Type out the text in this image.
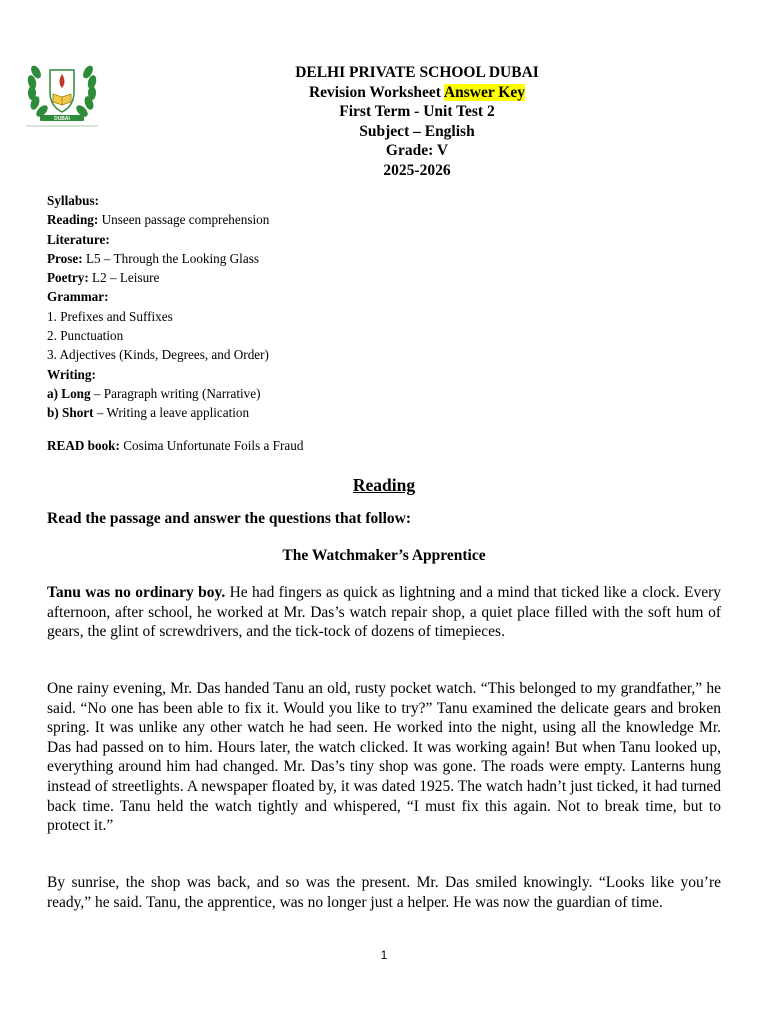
DUBAI
DELHI PRIVATE SCHOOL DUBAI
Revision Worksheet Answer Key
First Term - Unit Test 2
Subject – English
Grade: V
2025-2026
Syllabus:
Reading: Unseen passage comprehension
Literature:
Prose: L5 – Through the Looking Glass
Poetry: L2 – Leisure
Grammar:
1. Prefixes and Suffixes
2. Punctuation
3. Adjectives (Kinds, Degrees, and Order)
Writing:
a) Long – Paragraph writing (Narrative)
b) Short – Writing a leave application
READ book: Cosima Unfortunate Foils a Fraud
Reading
Read the passage and answer the questions that follow:
The Watchmaker’s Apprentice
Tanu was no ordinary boy. He had fingers as quick as lightning and a mind that ticked like a clock. Every afternoon, after school, he worked at Mr. Das’s watch repair shop, a quiet place filled with the soft hum of gears, the glint of screwdrivers, and the tick-tock of dozens of timepieces.
One rainy evening, Mr. Das handed Tanu an old, rusty pocket watch. “This belonged to my grandfather,” he said. “No one has been able to fix it. Would you like to try?” Tanu examined the delicate gears and broken spring. It was unlike any other watch he had seen. He worked into the night, using all the knowledge Mr. Das had passed on to him. Hours later, the watch clicked. It was working again! But when Tanu looked up, everything around him had changed. Mr. Das’s tiny shop was gone. The roads were empty. Lanterns hung instead of streetlights. A newspaper floated by, it was dated 1925. The watch hadn’t just ticked, it had turned back time. Tanu held the watch tightly and whispered, “I must fix this again. Not to break time, but to protect it.”
By sunrise, the shop was back, and so was the present. Mr. Das smiled knowingly. “Looks like you’re ready,” he said. Tanu, the apprentice, was no longer just a helper. He was now the guardian of time.
1
